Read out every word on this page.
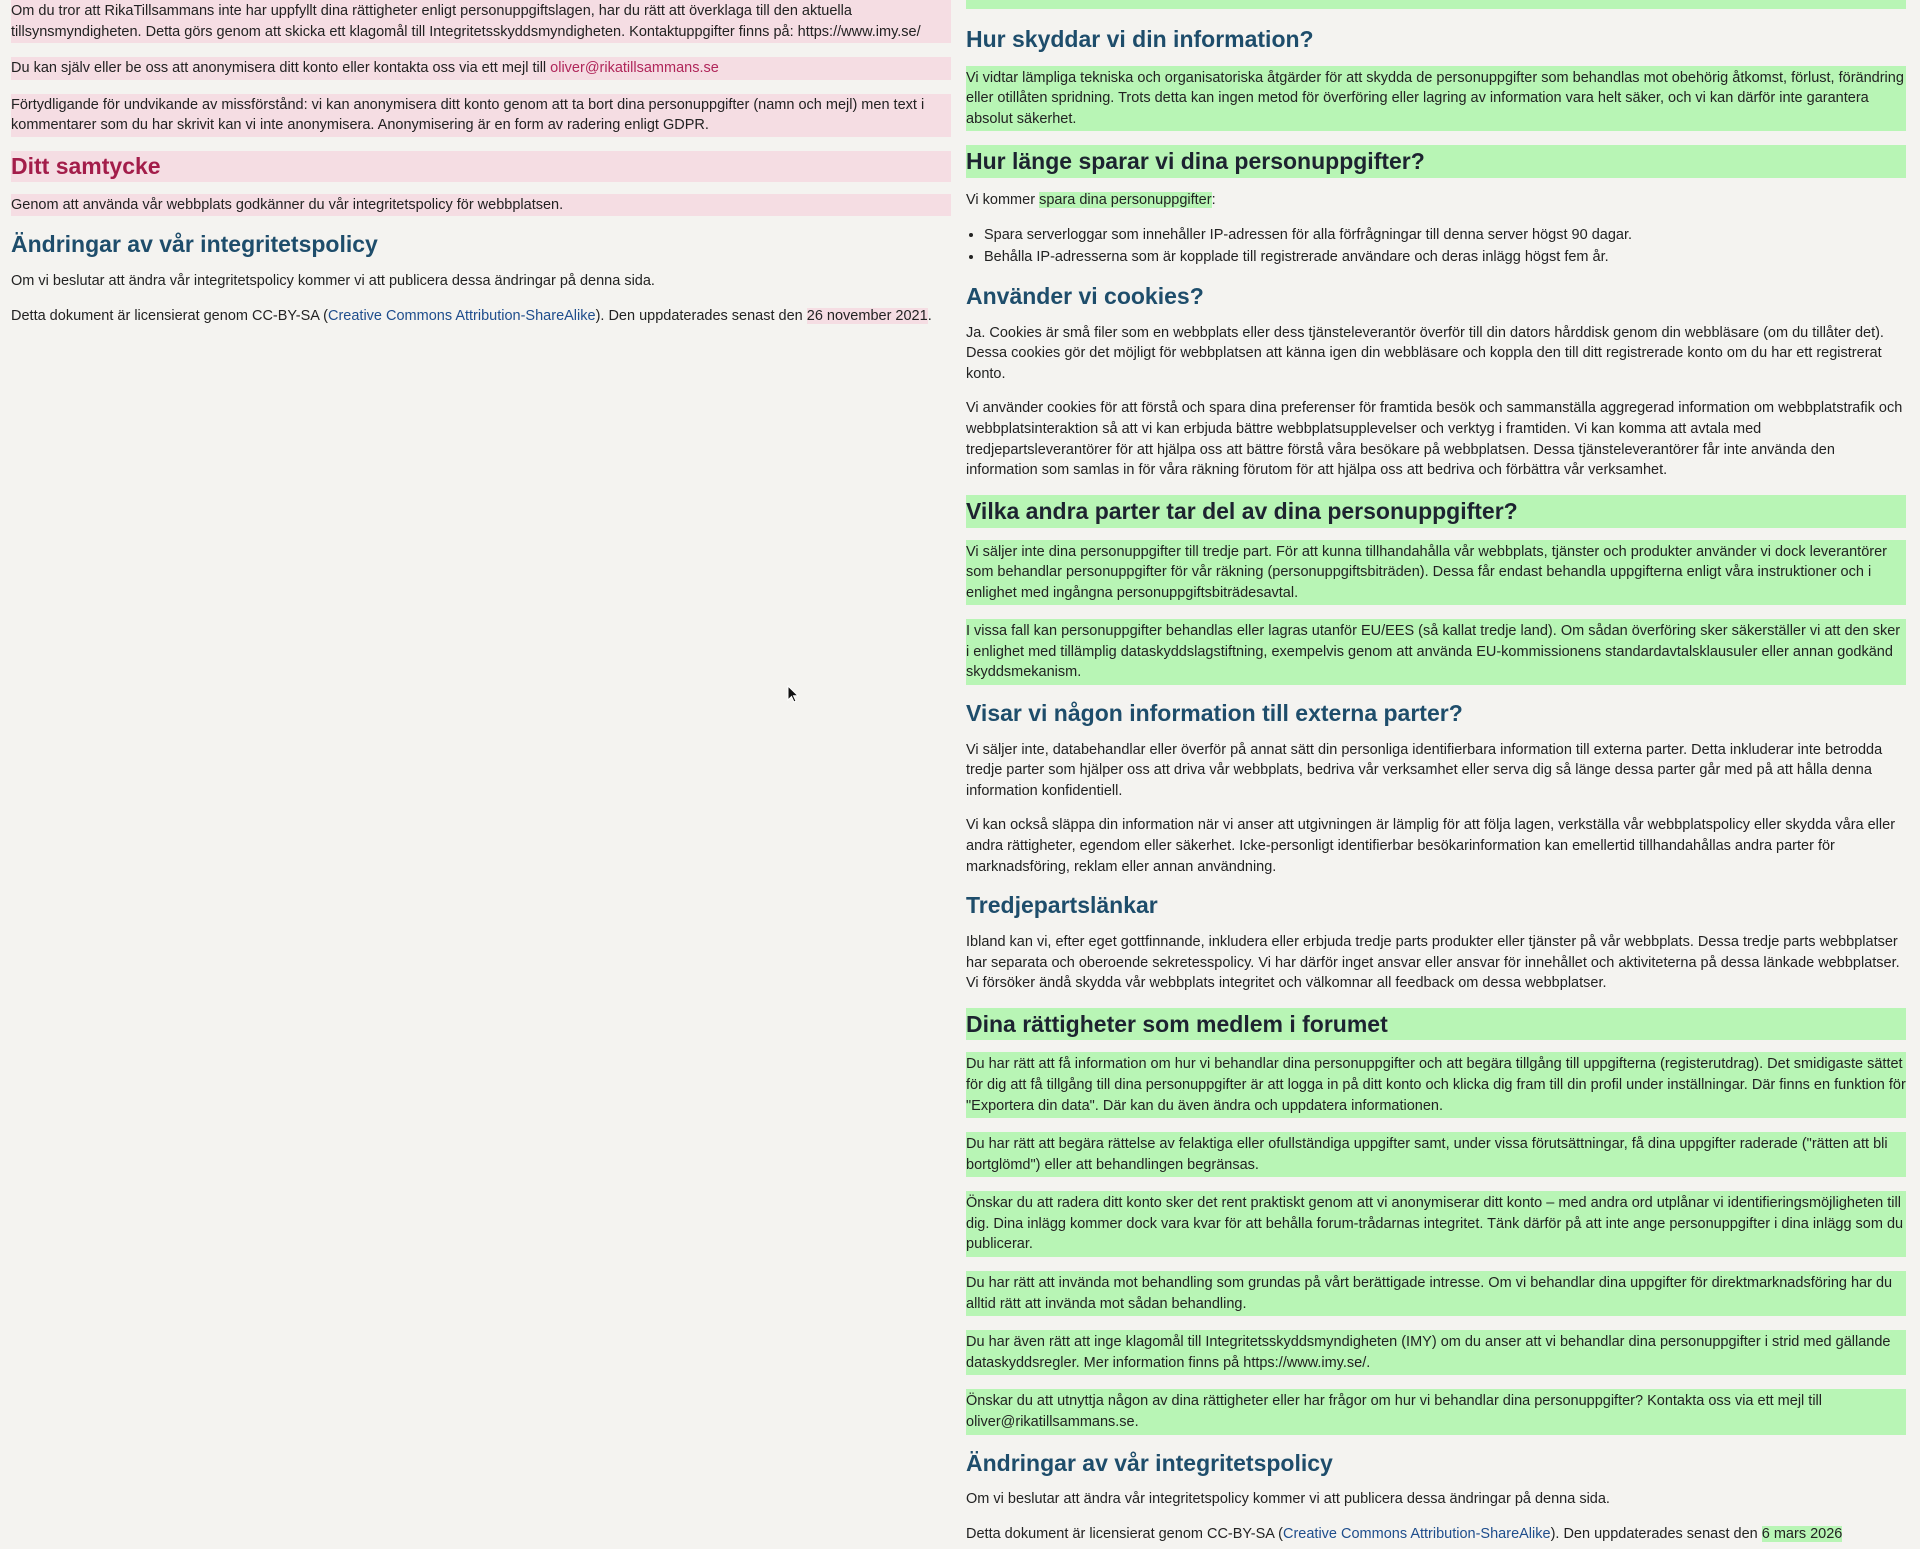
Om du tror att RikaTillsammans inte har uppfyllt dina rättigheter enligt personuppgiftslagen, har du rätt att överklaga till den aktuella tillsynsmyndigheten. Detta görs genom att skicka ett klagomål till Integritetsskyddsmyndigheten. Kontaktuppgifter finns på: https://www.imy.se/

Du kan själv eller be oss att anonymisera ditt konto eller kontakta oss via ett mejl till oliver@rikatillsammans.se

Förtydligande för undvikande av missförstånd: vi kan anonymisera ditt konto genom att ta bort dina personuppgifter (namn och mejl) men text i kommentarer som du har skrivit kan vi inte anonymisera. Anonymisering är en form av radering enligt GDPR.

Ditt samtycke

Genom att använda vår webbplats godkänner du vår integritetspolicy för webbplatsen.

Ändringar av vår integritetspolicy

Om vi beslutar att ändra vår integritetspolicy kommer vi att publicera dessa ändringar på denna sida.

Detta dokument är licensierat genom CC-BY-SA (Creative Commons Attribution-ShareAlike). Den uppdaterades senast den 26 november 2021.

Hur skyddar vi din information?

Vi vidtar lämpliga tekniska och organisatoriska åtgärder för att skydda de personuppgifter som behandlas mot obehörig åtkomst, förlust, förändring eller otillåten spridning. Trots detta kan ingen metod för överföring eller lagring av information vara helt säker, och vi kan därför inte garantera absolut säkerhet.

Hur länge sparar vi dina personuppgifter?

Vi kommer spara dina personuppgifter:

• Spara serverloggar som innehåller IP-adressen för alla förfrågningar till denna server högst 90 dagar.
• Behålla IP-adresserna som är kopplade till registrerade användare och deras inlägg högst fem år.
Använder vi cookies?

Ja. Cookies är små filer som en webbplats eller dess tjänsteleverantör överför till din dators hårddisk genom din webbläsare (om du tillåter det). Dessa cookies gör det möjligt för webbplatsen att känna igen din webbläsare och koppla den till ditt registrerade konto om du har ett registrerat konto.

Vi använder cookies för att förstå och spara dina preferenser för framtida besök och sammanställa aggregerad information om webbplatstrafik och webbplatsinteraktion så att vi kan erbjuda bättre webbplatsupplevelser och verktyg i framtiden. Vi kan komma att avtala med tredjepartsleverantörer för att hjälpa oss att bättre förstå våra besökare på webbplatsen. Dessa tjänsteleverantörer får inte använda den information som samlas in för våra räkning förutom för att hjälpa oss att bedriva och förbättra vår verksamhet.

Vilka andra parter tar del av dina personuppgifter?

Vi säljer inte dina personuppgifter till tredje part. För att kunna tillhandahålla vår webbplats, tjänster och produkter använder vi dock leverantörer som behandlar personuppgifter för vår räkning (personuppgiftsbiträden). Dessa får endast behandla uppgifterna enligt våra instruktioner och i enlighet med ingångna personuppgiftsbiträdesavtal.

I vissa fall kan personuppgifter behandlas eller lagras utanför EU/EES (så kallat tredje land). Om sådan överföring sker säkerställer vi att den sker i enlighet med tillämplig dataskyddslagstiftning, exempelvis genom att använda EU-kommissionens standardavtalsklausuler eller annan godkänd skyddsmekanism.

Visar vi någon information till externa parter?

Vi säljer inte, databehandlar eller överför på annat sätt din personliga identifierbara information till externa parter. Detta inkluderar inte betrodda tredje parter som hjälper oss att driva vår webbplats, bedriva vår verksamhet eller serva dig så länge dessa parter går med på att hålla denna information konfidentiell.

Vi kan också släppa din information när vi anser att utgivningen är lämplig för att följa lagen, verkställa vår webbplatspolicy eller skydda våra eller andra rättigheter, egendom eller säkerhet. Icke-personligt identifierbar besökarinformation kan emellertid tillhandahållas andra parter för marknadsföring, reklam eller annan användning.

Tredjepartslänkar

Ibland kan vi, efter eget gottfinnande, inkludera eller erbjuda tredje parts produkter eller tjänster på vår webbplats. Dessa tredje parts webbplatser har separata och oberoende sekretesspolicy. Vi har därför inget ansvar eller ansvar för innehållet och aktiviteterna på dessa länkade webbplatser. Vi försöker ändå skydda vår webbplats integritet och välkomnar all feedback om dessa webbplatser.

Dina rättigheter som medlem i forumet

Du har rätt att få information om hur vi behandlar dina personuppgifter och att begära tillgång till uppgifterna (registerutdrag). Det smidigaste sättet för dig att få tillgång till dina personuppgifter är att logga in på ditt konto och klicka dig fram till din profil under inställningar. Där finns en funktion för "Exportera din data". Där kan du även ändra och uppdatera informationen.

Du har rätt att begära rättelse av felaktiga eller ofullständiga uppgifter samt, under vissa förutsättningar, få dina uppgifter raderade ("rätten att bli bortglömd") eller att behandlingen begränsas.

Önskar du att radera ditt konto sker det rent praktiskt genom att vi anonymiserar ditt konto – med andra ord utplånar vi identifieringsmöjligheten till dig. Dina inlägg kommer dock vara kvar för att behålla forum-trådarnas integritet. Tänk därför på att inte ange personuppgifter i dina inlägg som du publicerar.

Du har rätt att invända mot behandling som grundas på vårt berättigade intresse. Om vi behandlar dina uppgifter för direktmarknadsföring har du alltid rätt att invända mot sådan behandling.

Du har även rätt att inge klagomål till Integritetsskyddsmyndigheten (IMY) om du anser att vi behandlar dina personuppgifter i strid med gällande dataskyddsregler. Mer information finns på https://www.imy.se/.

Önskar du att utnyttja någon av dina rättigheter eller har frågor om hur vi behandlar dina personuppgifter? Kontakta oss via ett mejl till oliver@rikatillsammans.se.

Ändringar av vår integritetspolicy

Om vi beslutar att ändra vår integritetspolicy kommer vi att publicera dessa ändringar på denna sida.

Detta dokument är licensierat genom CC-BY-SA (Creative Commons Attribution-ShareAlike). Den uppdaterades senast den 6 mars 2026
